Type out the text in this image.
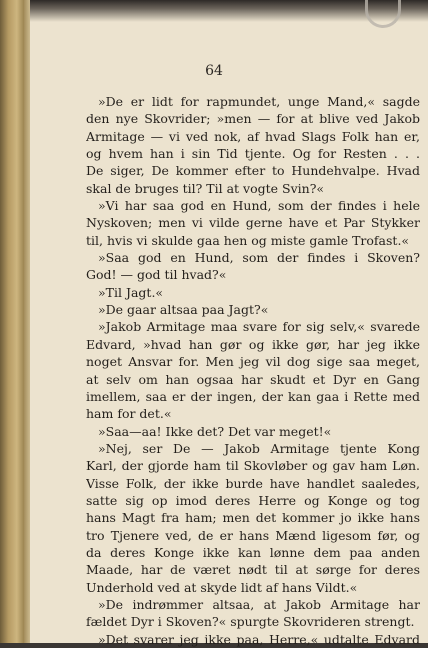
64
»De er lidt for rapmundet, unge Mand,« sagde
den nye Skovrider; »men — for at blive ved Jakob
Armitage — vi ved nok, af hvad Slags Folk han er,
og hvem han i sin Tid tjente. Og for Resten . . .
De siger, De kommer efter to Hundehvalpe. Hvad
skal de bruges til? Til at vogte Svin?«
»Vi har saa god en Hund, som der findes i hele
Nyskoven; men vi vilde gerne have et Par Stykker
til, hvis vi skulde gaa hen og miste gamle Trofast.«
»Saa god en Hund, som der findes i Skoven?
God! — god til hvad?«
»Til Jagt.«
»De gaar altsaa paa Jagt?«
»Jakob Armitage maa svare for sig selv,« svarede
Edvard, »hvad han gør og ikke gør, har jeg ikke
noget Ansvar for. Men jeg vil dog sige saa meget,
at selv om han ogsaa har skudt et Dyr en Gang
imellem, saa er der ingen, der kan gaa i Rette med
ham for det.«
»Saa—aa! Ikke det? Det var meget!«
»Nej, ser De — Jakob Armitage tjente Kong
Karl, der gjorde ham til Skovløber og gav ham Løn.
Visse Folk, der ikke burde have handlet saaledes,
satte sig op imod deres Herre og Konge og tog
hans Magt fra ham; men det kommer jo ikke hans
tro Tjenere ved, de er hans Mænd ligesom før, og
da deres Konge ikke kan lønne dem paa anden
Maade, har de været nødt til at sørge for deres
Underhold ved at skyde lidt af hans Vildt.«
»De indrømmer altsaa, at Jakob Armitage har
fældet Dyr i Skoven?« spurgte Skovrideren strengt.
»Det svarer jeg ikke paa, Herre,« udtalte Edvard
